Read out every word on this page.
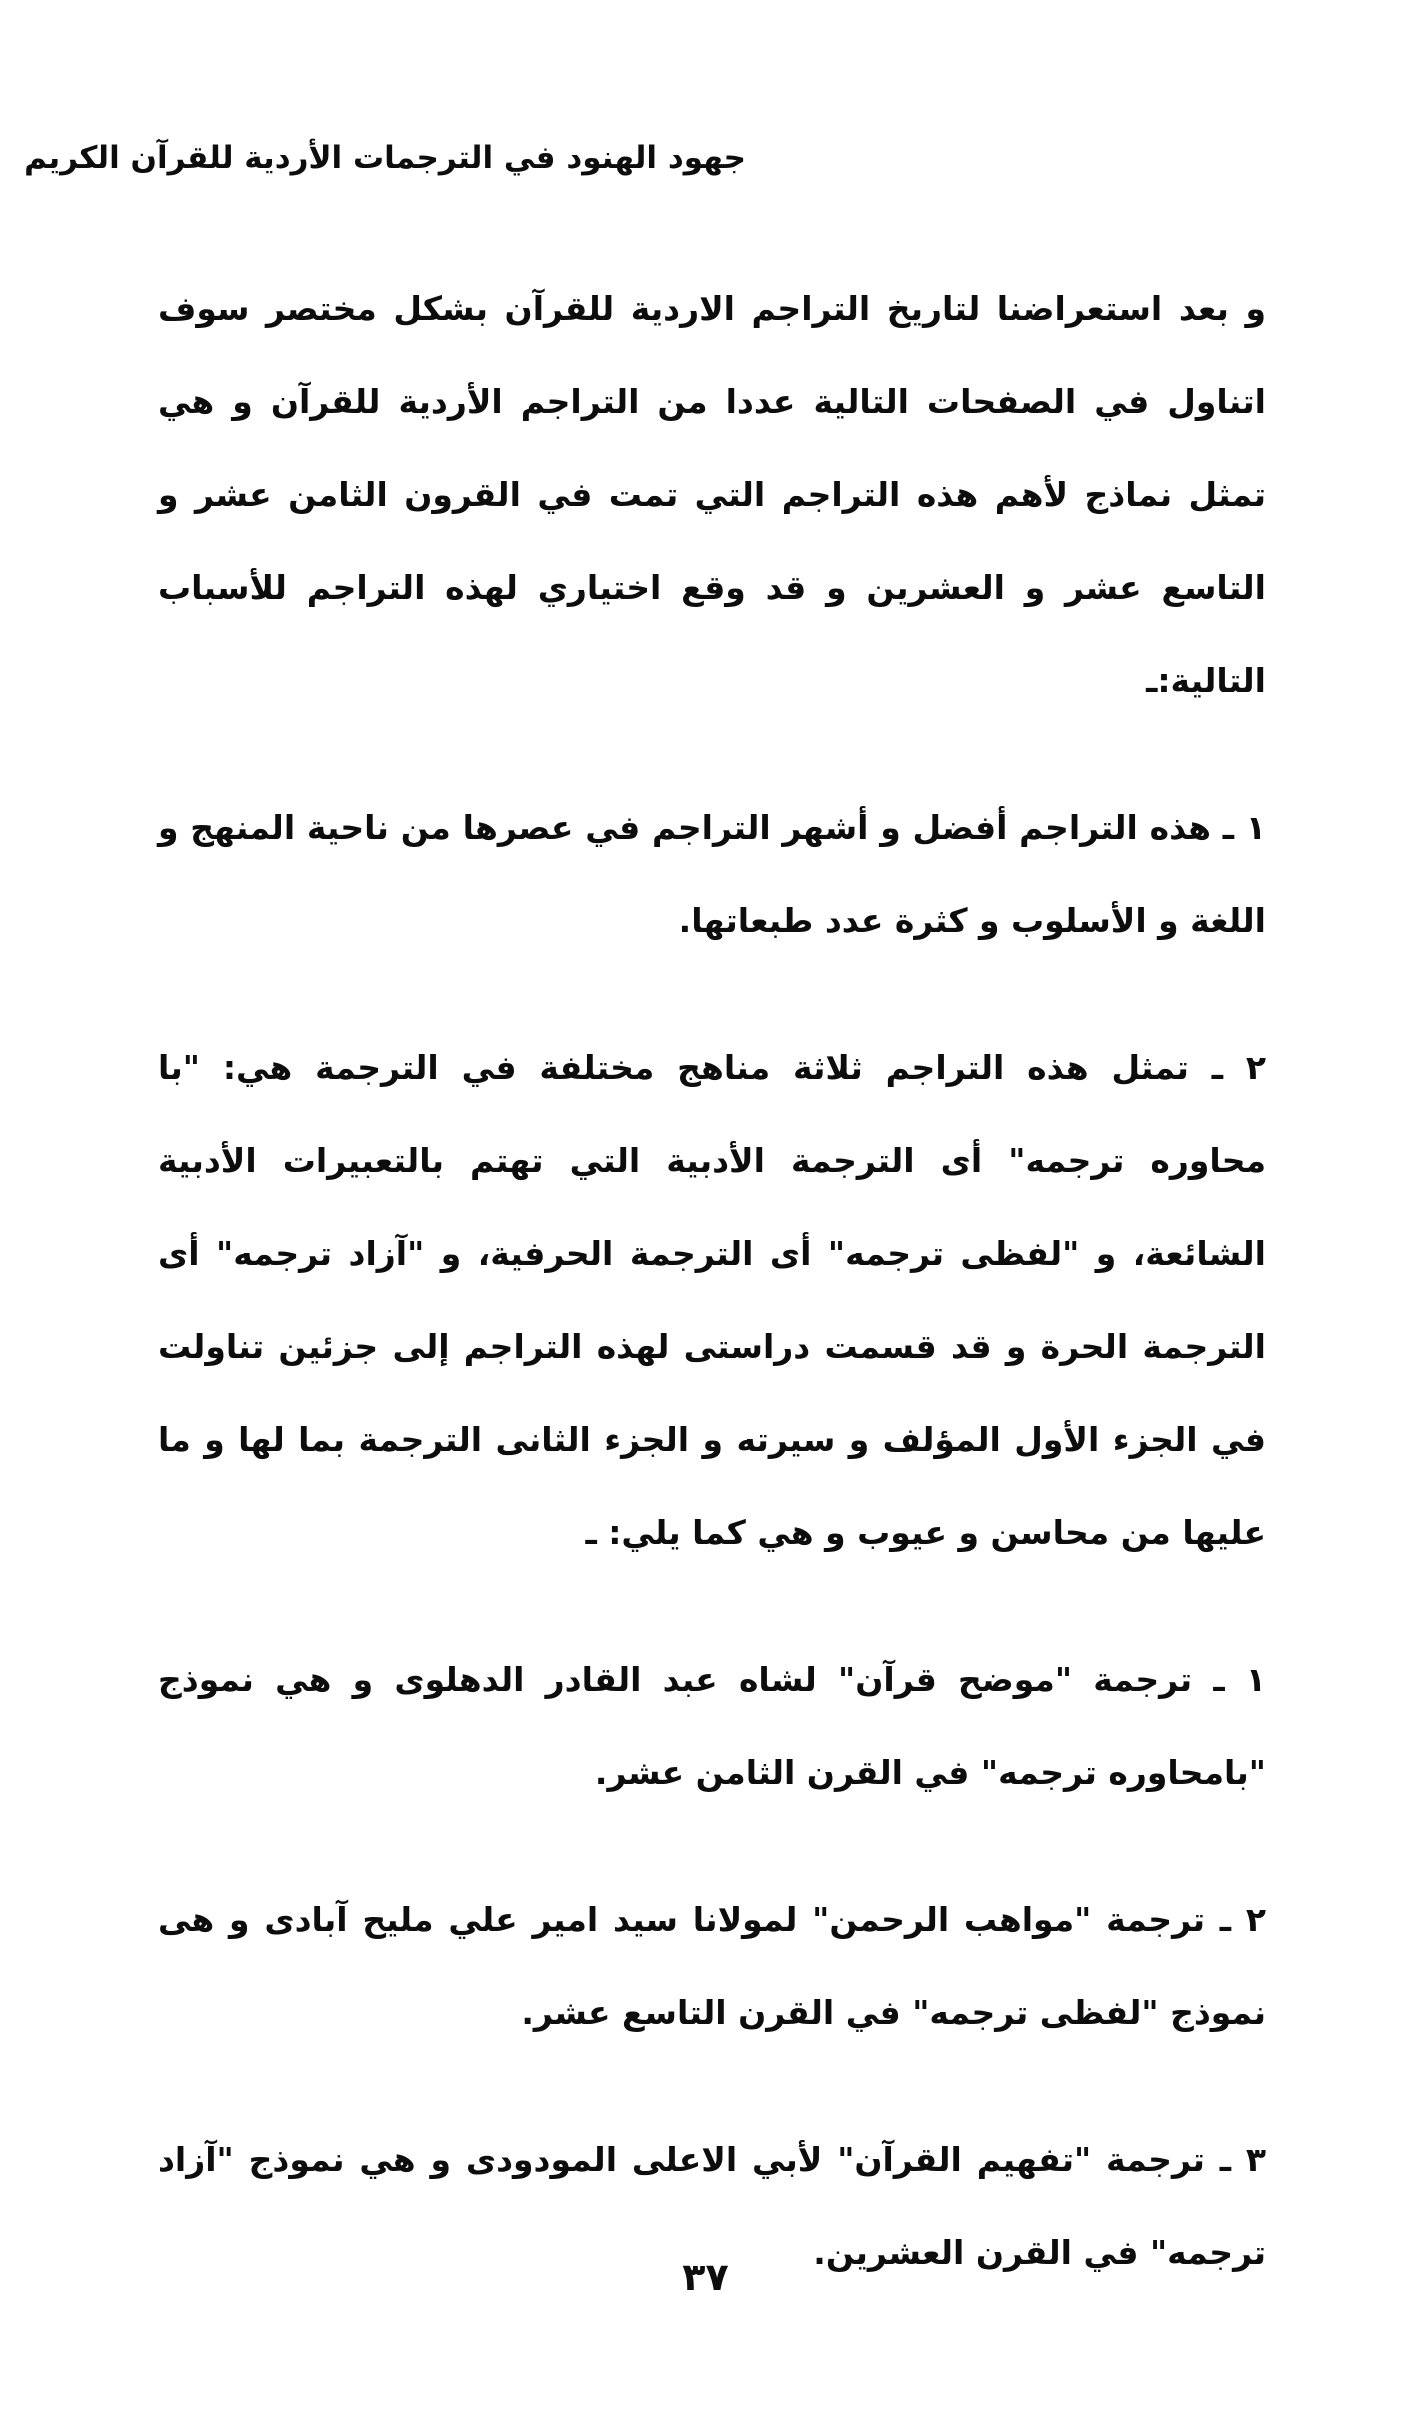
جهود الهنود في الترجمات الأردية للقرآن الكريم

و بعد استعراضنا لتاريخ التراجم الاردية للقرآن بشكل مختصر سوف اتناول في الصفحات التالية عددا من التراجم الأردية للقرآن و هي تمثل نماذج لأهم هذه التراجم التي تمت في القرون الثامن عشر و التاسع عشر و العشرين و قد وقع اختياري لهذه التراجم للأسباب التالية:ـ

١ ـ هذه التراجم أفضل و أشهر التراجم في عصرها من ناحية المنهج و اللغة و الأسلوب و كثرة عدد طبعاتها.

٢ ـ تمثل هذه التراجم ثلاثة مناهج مختلفة في الترجمة هي: "با محاوره ترجمه" أى الترجمة الأدبية التي تهتم بالتعبيرات الأدبية الشائعة، و "لفظى ترجمه" أى الترجمة الحرفية، و "آزاد ترجمه" أى الترجمة الحرة و قد قسمت دراستى لهذه التراجم إلى جزئين تناولت في الجزء الأول المؤلف و سيرته و الجزء الثانى الترجمة بما لها و ما عليها من محاسن و عيوب و هي كما يلي: ـ

١ ـ ترجمة "موضح قرآن" لشاه عبد القادر الدهلوى و هي نموذج "بامحاوره ترجمه" في القرن الثامن عشر.

٢ ـ ترجمة "مواهب الرحمن" لمولانا سيد امير علي مليح آبادى و هى نموذج "لفظى ترجمه" في القرن التاسع عشر.

٣ ـ ترجمة "تفهيم القرآن" لأبي الاعلى المودودى و هي نموذج "آزاد ترجمه" في القرن العشرين.

٣٧
